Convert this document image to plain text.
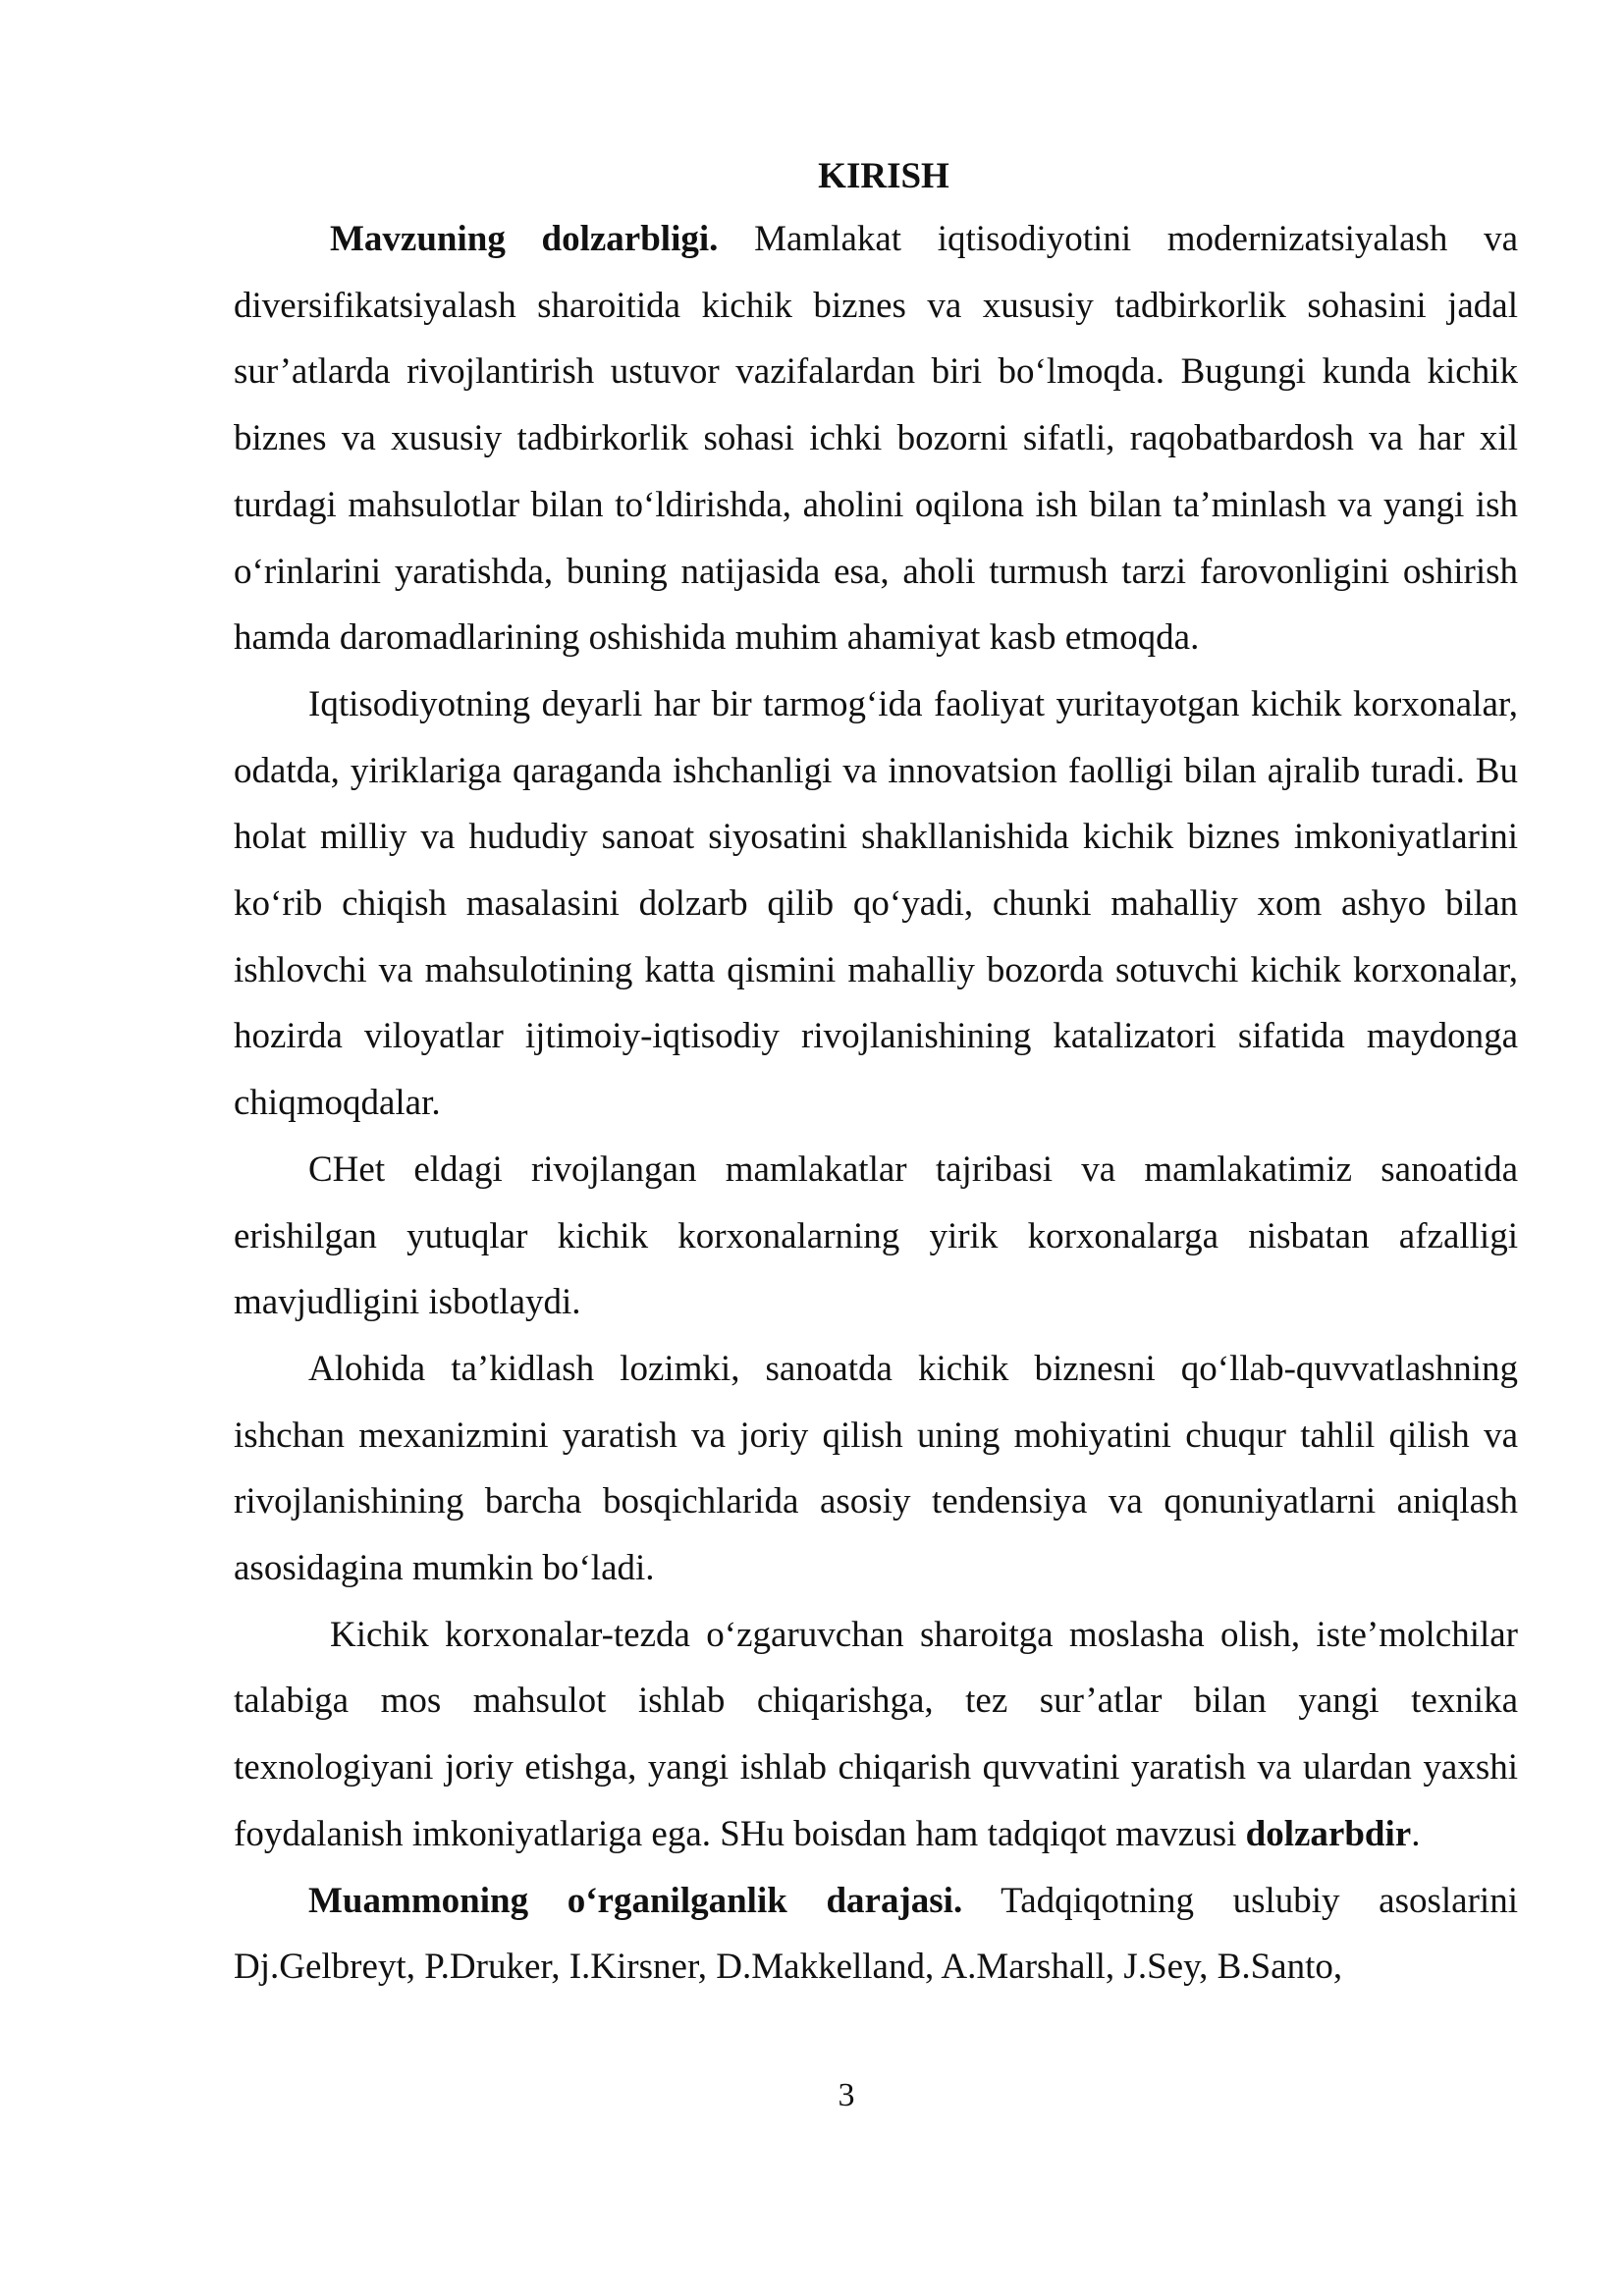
KIRISH

Mavzuning dolzarbligi. Mamlakat iqtisodiyotini modernizatsiyalash va diversifikatsiyalash sharoitida kichik biznes va xususiy tadbirkorlik sohasini jadal sur’atlarda rivojlantirish ustuvor vazifalardan biri bo‘lmoqda. Bugungi kunda kichik biznes va xususiy tadbirkorlik sohasi ichki bozorni sifatli, raqobatbardosh va har xil turdagi mahsulotlar bilan to‘ldirishda, aholini oqilona ish bilan ta’minlash va yangi ish o‘rinlarini yaratishda, buning natijasida esa, aholi turmush tarzi farovonligini oshirish hamda daromadlarining oshishida muhim ahamiyat kasb etmoqda.

Iqtisodiyotning deyarli har bir tarmog‘ida faoliyat yuritayotgan kichik korxonalar, odatda, yiriklariga qaraganda ishchanligi va innovatsion faolligi bilan ajralib turadi. Bu holat milliy va hududiy sanoat siyosatini shakllanishida kichik biznes imkoniyatlarini ko‘rib chiqish masalasini dolzarb qilib qo‘yadi, chunki mahalliy xom ashyo bilan ishlovchi va mahsulotining katta qismini mahalliy bozorda sotuvchi kichik korxonalar, hozirda viloyatlar ijtimoiy-iqtisodiy rivojlanishining katalizatori sifatida maydonga chiqmoqdalar.

CHet eldagi rivojlangan mamlakatlar tajribasi va mamlakatimiz sanoatida erishilgan yutuqlar kichik korxonalarning yirik korxonalarga nisbatan afzalligi mavjudligini isbotlaydi.

Alohida ta’kidlash lozimki, sanoatda kichik biznesni qo‘llab-quvvatlashning ishchan mexanizmini yaratish va joriy qilish uning mohiyatini chuqur tahlil qilish va rivojlanishining barcha bosqichlarida asosiy tendensiya va qonuniyatlarni aniqlash asosidagina mumkin bo‘ladi.

Kichik korxonalar-tezda o‘zgaruvchan sharoitga moslasha olish, iste’molchilar talabiga mos mahsulot ishlab chiqarishga, tez sur’atlar bilan yangi texnika texnologiyani joriy etishga, yangi ishlab chiqarish quvvatini yaratish va ulardan yaxshi foydalanish imkoniyatlariga ega. SHu boisdan ham tadqiqot mavzusi dolzarbdir.

Muammoning o‘rganilganlik darajasi. Tadqiqotning uslubiy asoslarini Dj.Gelbreyt, P.Druker, I.Kirsner, D.Makkelland, A.Marshall, J.Sey, B.Santo,

3
